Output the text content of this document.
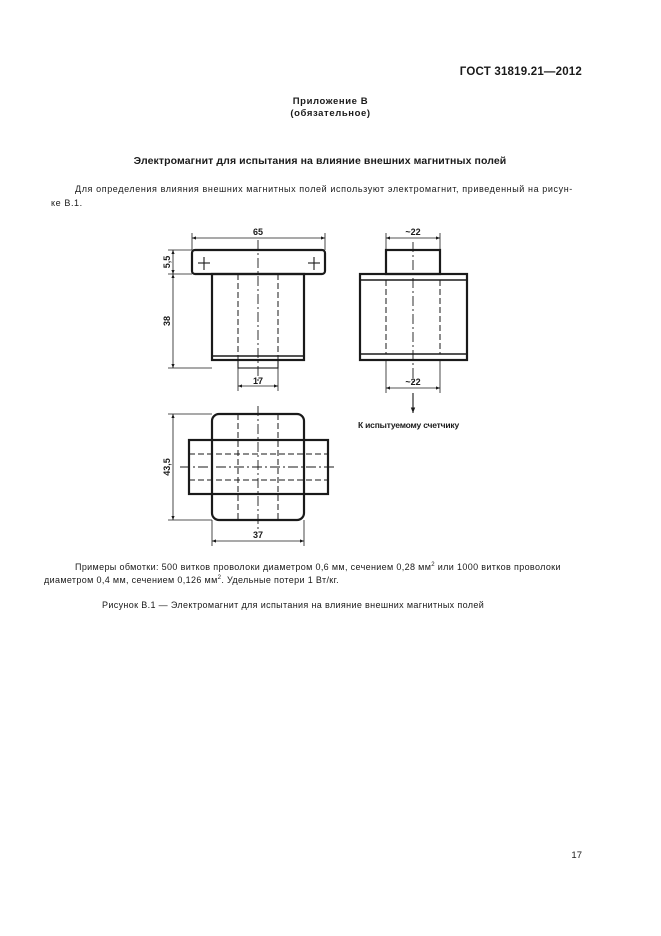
ГОСТ 31819.21—2012
Приложение В
(обязательное)
Электромагнит для испытания на влияние внешних магнитных полей
Для определения влияния внешних магнитных полей используют электромагнит, приведенный на рисун-
ке В.1.
65
5,5
38
17
~22
~22
43,5
37
К испытуемому счетчику
Примеры обмотки: 500 витков проволоки диаметром 0,6 мм, сечением 0,28 $мм^2$ или 1000 витков проволоки
диаметром 0,4 мм, сечением 0,126 $мм^2$. Удельные потери 1 Вт/кг.
Рисунок В.1 — Электромагнит для испытания на влияние внешних магнитных полей
17
